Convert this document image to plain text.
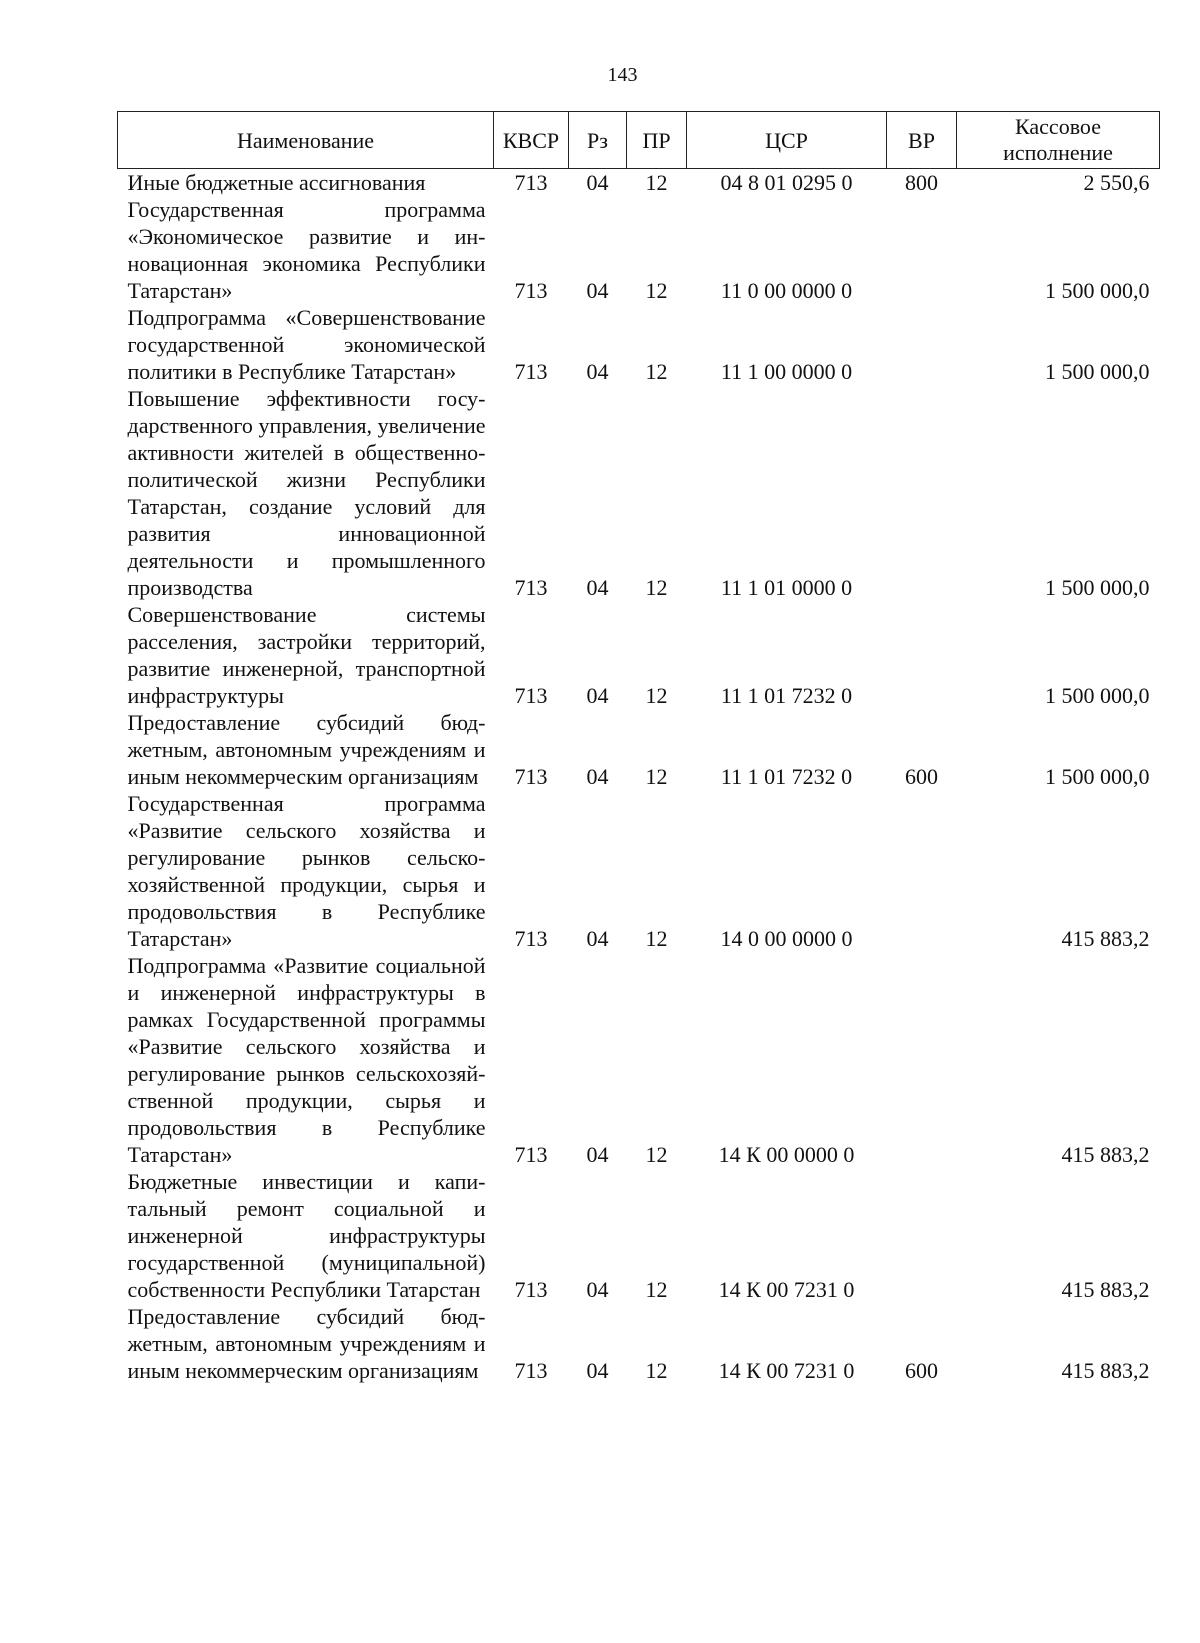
143
Наименование	КВСР	Рз	ПР	ЦСР	ВР	Кассовое
исполнение
Иные бюджетные ассигнования	713	04	12	04 8 01 0295 0	800	2 550,6
Государственная программа «Экономическое развитие и инновационная экономика Республики Татарстан»	713	04	12	11 0 00 0000 0		1 500 000,0
Подпрограмма «Совершенствование государственной экономической политики в Республике Татарстан»	713	04	12	11 1 00 0000 0		1 500 000,0
Повышение эффективности государственного управления, увеличение активности жителей в общественно-политической жизни Республики Татарстан, создание условий для развития инновационной деятельности и промышленного производства	713	04	12	11 1 01 0000 0		1 500 000,0
Совершенствование системы расселения, застройки территорий, развитие инженерной, транспортной инфраструктуры	713	04	12	11 1 01 7232 0		1 500 000,0
Предоставление субсидий бюджетным, автономным учреждениям и иным некоммерческим организациям	713	04	12	11 1 01 7232 0	600	1 500 000,0
Государственная программа «Развитие сельского хозяйства и регулирование рынков сельскохозяйственной продукции, сырья и продовольствия в Республике Татарстан»	713	04	12	14 0 00 0000 0		415 883,2
Подпрограмма «Развитие социальной и инженерной инфраструктуры в рамках Государственной программы «Развитие сельского хозяйства и регулирование рынков сельскохозяйственной продукции, сырья и продовольствия в Республике Татарстан»	713	04	12	14 К 00 0000 0		415 883,2
Бюджетные инвестиции и капитальный ремонт социальной и инженерной инфраструктуры государственной (муниципальной) собственности Республики Татарстан	713	04	12	14 К 00 7231 0		415 883,2
Предоставление субсидий бюджетным, автономным учреждениям и иным некоммерческим организациям	713	04	12	14 К 00 7231 0	600	415 883,2
